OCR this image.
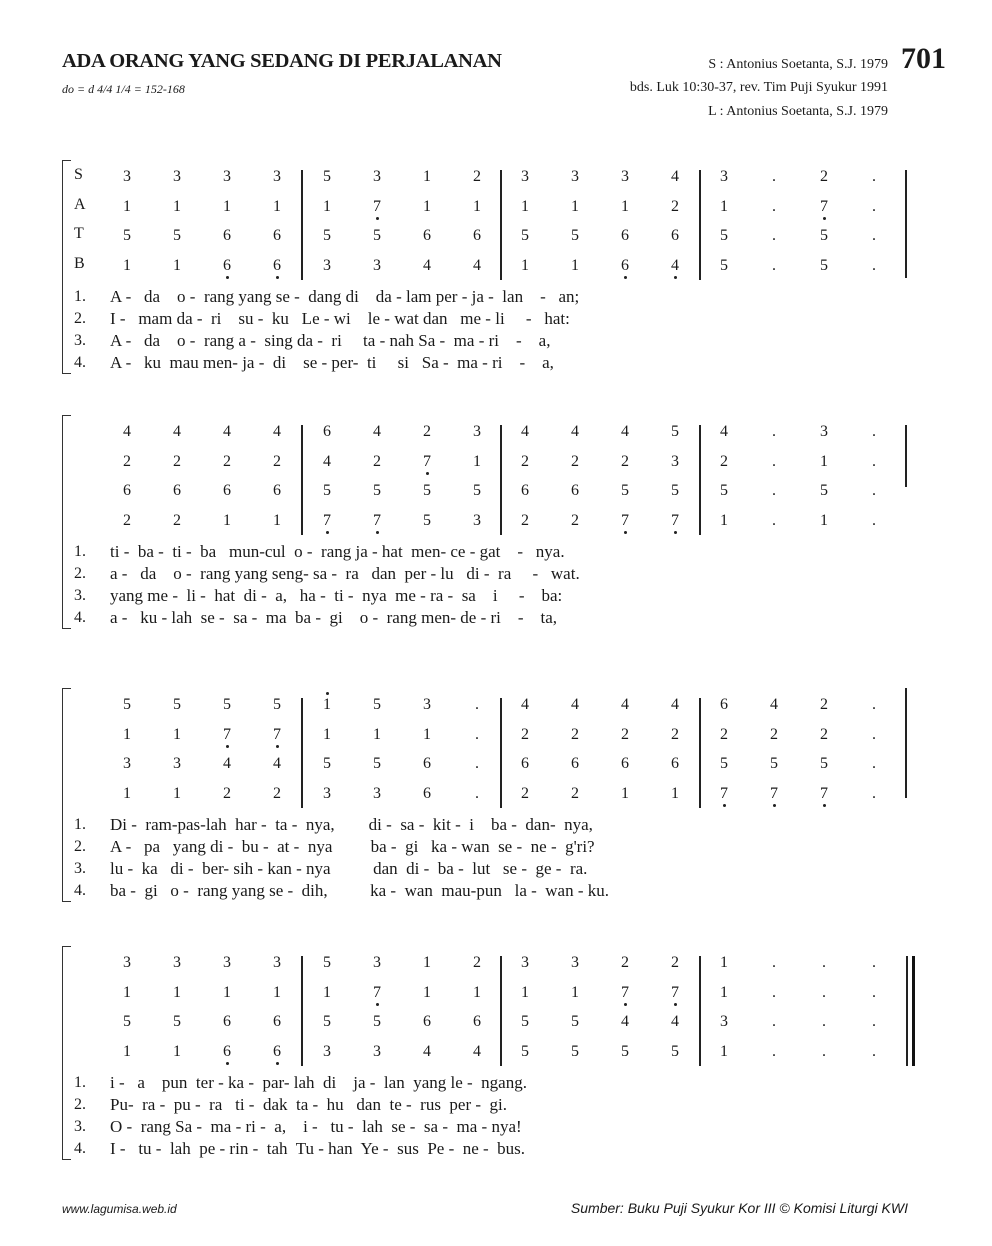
ADA ORANG YANG SEDANG DI PERJALANAN
do = d 4/4 1/4 = 152-168
S : Antonius Soetanta, S.J. 1979 701
bds. Luk 10:30-37, rev. Tim Puji Syukur 1991
L : Antonius Soetanta, S.J. 1979
S
A
T
B
3	3	3	3	5	3	1	2	3	3	3	4	3	.	2	.
1	1	1	1	1	7	1	1	1	1	1	2	1	.	7	.
5	5	6	6	5	5	6	6	5	5	6	6	5	.	5	.
1	1	6	6	3	3	4	4	1	1	6	4	5	.	5	.
1. A -   da    o -  rang yang se -  dang di    da - lam per - ja -  lan    -   an;
2. I -   mam da -  ri    su -  ku   Le - wi    le - wat dan   me - li     -   hat:
3. A -   da    o -  rang a -  sing da -  ri     ta - nah Sa -  ma - ri    -    a,
4. A -   ku  mau men- ja -  di    se - per-  ti     si   Sa -  ma - ri    -    a,
4	4	4	4	6	4	2	3	4	4	4	5	4	.	3	.
2	2	2	2	4	2	7	1	2	2	2	3	2	.	1	.
6	6	6	6	5	5	5	5	6	6	5	5	5	.	5	.
2	2	1	1	7	7	5	3	2	2	7	7	1	.	1	.
1. ti -  ba -  ti -  ba   mun-cul  o -  rang ja - hat  men- ce - gat    -   nya.
2. a -   da    o -  rang yang seng- sa -  ra   dan  per - lu   di -  ra     -   wat.
3. yang me -  li -  hat  di -  a,   ha -  ti -  nya  me - ra -  sa    i     -    ba:
4. a -   ku - lah  se -  sa -  ma  ba -  gi    o -  rang men- de - ri    -    ta,
5	5	5	5	1	5	3	.	4	4	4	4	6	4	2	.
1	1	7	7	1	1	1	.	2	2	2	2	2	2	2	.
3	3	4	4	5	5	6	.	6	6	6	6	5	5	5	.
1	1	2	2	3	3	6	.	2	2	1	1	7	7	7	.
1. Di -  ram-pas-lah  har -  ta -  nya,        di -  sa -  kit -  i    ba -  dan-  nya,
2. A -   pa   yang di -  bu -  at -  nya         ba -  gi   ka - wan  se -  ne -  g'ri?
3. lu -  ka   di -  ber- sih - kan - nya          dan  di -  ba -  lut   se -  ge -  ra.
4. ba -  gi   o -  rang yang se -  dih,          ka -  wan  mau-pun   la -  wan - ku.
3	3	3	3	5	3	1	2	3	3	2	2	1	.	.	.
1	1	1	1	1	7	1	1	1	1	7	7	1	.	.	.
5	5	6	6	5	5	6	6	5	5	4	4	3	.	.	.
1	1	6	6	3	3	4	4	5	5	5	5	1	.	.	.
1. i -   a    pun  ter - ka -  par- lah  di    ja -  lan  yang le -  ngang.
2. Pu-  ra -  pu -  ra   ti -  dak  ta -  hu   dan  te -  rus  per -  gi.
3. O -  rang Sa -  ma - ri -  a,    i -   tu -  lah  se -  sa -  ma - nya!
4. I -   tu -  lah  pe - rin -  tah  Tu - han  Ye -  sus  Pe -  ne -  bus.
www.lagumisa.web.id	Sumber: Buku Puji Syukur Kor III © Komisi Liturgi KWI
